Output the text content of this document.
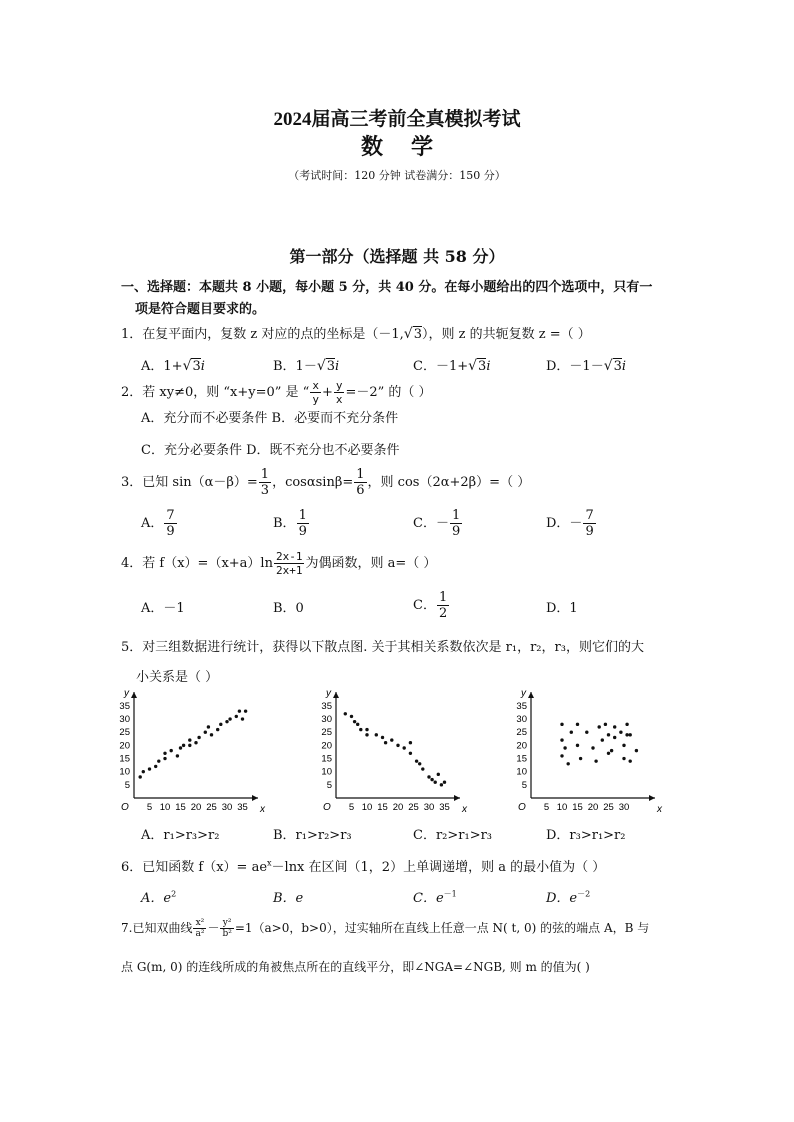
2024届高三考前全真模拟考试
数学
（考试时间：120 分钟 试卷满分：150 分）
第一部分（选择题 共 58 分）
一、选择题：本题共 8 小题，每小题 5 分，共 40 分。在每小题给出的四个选项中，只有一
项是符合题目要求的。
1．在复平面内，复数 z 对应的点的坐标是（－1,√3），则 z 的共轭复数 z =（ ）
A．1+√3i	B．1－√3i	C．－1+√3i	D．－1－√3i
2．若 xy≠0，则 “x+y=0” 是 “ $\frac{x}{y} + \frac{y}{x} =-2$” 的（ ）
A．充分而不必要条件 B．必要而不充分条件
C．充分必要条件 D．既不充分也不必要条件
3．已知 $\sin(\alpha-\beta)= \frac{1}{3}$ ，$\cos\alpha\sin\beta= \frac{1}{6}$ ，则 cos（2α+2β）=（ ）
A． $\frac{7}{9}$	B． $\frac{1}{9}$	C．－ $\frac{1}{9}$	D．－ $\frac{7}{9}$
4．若 $f(x)=(x+a)\ln \frac{2x-1}{2x+1}$ 为偶函数，则 a=（ ）
A．－1	B．0	C． $\frac{1}{2}$	D．1
5．对三组数据进行统计，获得以下散点图. 关于其相关系数依次是 r₁，r₂，r₃，则它们的大
小关系是（ ）
x
y
O 5 10 15 20 25 30 35
5
10
15
20
25
30
35
x
y
O 5 10 15 20 25 30 35
5
10
15
20
25
30
35
x
y
O 5 10 15 20 25 30
5
10
15
20
25
30
35
A．r₁>r₃>r₂	B．r₁>r₂>r₃	C．r₂>r₁>r₃	D．r₃>r₁>r₂
6．已知函数 $f(x)= ae^x-\ln x$ 在区间（1，2）上单调递增，则 a 的最小值为（ ）
A．$e^2$	B．e	C．$e^{-1}$	D．$e^{-2}$
7.已知双曲线 $\frac{\text{x²}}{\text{a²}} - \frac{\text{y²}}{\text{b²}} =1(a>0$，b>0），过实轴所在直线上任意一点 N( t, 0) 的弦的端点 A，B 与
点 G(m, 0) 的连线所成的角被焦点所在的直线平分，即∠NGA=∠NGB, 则 m 的值为( )
